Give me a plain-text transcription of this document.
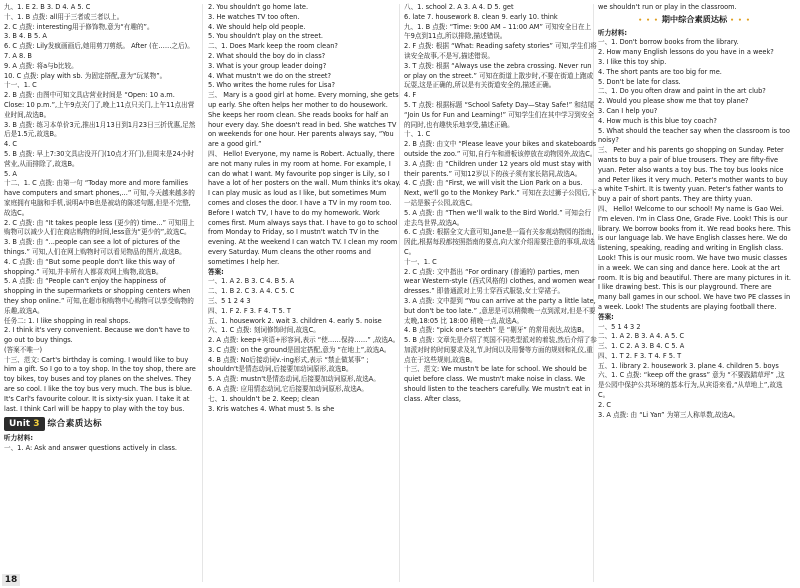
九、1. E 2. B 3. D 4. A 5. C

十、1. B 点拨: all用于三者或三者以上。

2. C 点拨: interesting用于修饰物,意为“有趣的”。

3. B 4. B 5. A

6. C 点拨: Lily发疯画画后,她用剪刀剪纸。 After (在……之后)。

7. A 8. B

9. A 点拨: 将a与b比较。

10. C 点拨: play with sb. 为固定搭配,意为“玩某物”。

十一、1. C

2. B 点拨: 由图中可知文具店营业时间是 “Open: 10 a.m. Close: 10 p.m.”,上午9点关门了,晚上11点只关门,上午11点出营业时间,故选B。

3. B 点拨: 练习本单价3元,推出1月13日到1月23日三折优惠,足然后是1.5元,故选B。

4. C

5. B 点拨: 早上7:30文具店没开门(10点才开门),但周末是24小时营业,从而排除了,故选B。

5. A

十二、1. C 点拨: 由第一句 “Today more and more families have computers and smart phones,...” 可知,今天越来越多的家庭拥有电脑和手机,说明A中B也是被动的陈述句题,但是不完整,故选C。

2. C 点拨: 由 “It takes people less (更少的) time...” 可知用上购物可以减少人们在商店购物的时间,less意为“更少的”,故选C。

3. B 点拨: 由 “...people can see a lot of pictures of the things.” 可知,人们在网上购物时可以看见物品的图片,故选B。

4. C 点拨: 由 “But some people don't like this way of shopping.” 可知,并非所有人都喜欢网上购物,故选B。

5. A 点拨: 由 “People can't enjoy the happiness of shopping in the supermarkets or shopping centers when they shop online.” 可知,在超市和购物中心购物可以享受购物的乐趣,故选A。

任务二: 1. I like shopping in real shops.

2. I think it's very convenient. Because we don't have to go out to buy things.

(答案不唯一)

十三、范文: Cart's birthday is coming. I would like to buy him a gift. So I go to a toy shop. In the toy shop, there are toy bikes, toy buses and toy planes on the shelves. They are so cool. I like the toy bus very much. The bus is blue. It's Carl's favourite colour. It is sixty-six yuan. I take it at last. I think Carl will be happy to play with the toy bus.

Unit 3 综合素质达标

听力材料:

一、1. A: Ask and answer questions actively in class.

2. You shouldn't go home late.

3. He watches TV too often.

4. We should help old people.

5. You shouldn't play on the street.

二、1. Does Mark keep the room clean?

2. What should the boy do in class?

3. What is your group leader doing?

4. What mustn't we do on the street?

5. Who writes the home rules for Lisa?

三、 Mary is a good girl at home. Every morning, she gets up early. She often helps her mother to do housework. She keeps her room clean. She reads books for half an hour every day. She doesn't read in bed. She watches TV on weekends for one hour. Her parents always say, “You are a good girl.”

四、 Hello! Everyone, my name is Robert. Actually, there are not many rules in my room at home. For example, I can do what I want. My favourite pop singer is Lily, so I have a lot of her posters on the wall. Mum thinks it's okay. I can play music as loud as I like, but sometimes Mum comes and closes the door. I have a TV in my room too. Before I watch TV, I have to do my homework. Work comes first. Mum always says that. I have to go to school from Monday to Friday, so I mustn't watch TV in the evening. At the weekend I can watch TV. I clean my room every Saturday. Mum cleans the other rooms and sometimes I help her.

答案:

一、1. A 2. B 3. C 4. B 5. A

二、1. B 2. C 3. A 4. C 5. C

三、5 1 2 4 3

四、1. F 2. F 3. F 4. T 5. T

五、1. housework 2. wait 3. children 4. early 5. noise

六、1. C 点拨: 刻词修饰时间,故选C。

2. A 点拨: keep+宾语+形容词,表示 “使……保持……” ,故选A。

3. C 点拨: on the ground是固定搭配,意为 “在地上”,故选A。

4. B 点拨: No后接动词v.-ing形式,表示 “禁止做某事” ; shouldn't是情态动词,后接要加动词原形,故选B。

5. A 点拨: mustn't是情态动词,后接要加动词原形,故选A。

6. A 点拨: 应用情态动词,它后接要加动词原形,故选A。

七、1. shouldn't be 2. Keep; clean

3. Kris watches 4. What must 5. Is she

八、1. school 2. A 3. A 4. D 5. get

6. late 7. housework 8. clean 9. early 10. think

九、1. B 点拨: “Time: 9:00 AM – 11:00 AM” 可知安全日在上午9点到11点,所以排除,描述错误。

2. F 点拨: 根据 “What: Reading safety stories” 可知,学生们将读安全故事,不是写,描述错误。

3. T 点拨: 根据 “Always use the zebra crossing. Never run or play on the street.” 可知在街道上散步时,不要在街道上跑或玩耍,这是正确的,所以是有关街道安全的,描述正确。

4. F

5. T 点拨: 根据标题 “School Safety Day—Stay Safe!” 和结尾 “Join Us for Fun and Learning!” 可知学生们在其中学习到安全的同时,也有趣快乐地享受,描述正确。

十、1. C

2. B 点拨: 由文中 “Please leave your bikes and skateboards outside the zoo.” 可知,自行车和滑板该停放在动物园外,故选C。

3. A 点拨: 由 “Children under 12 years old must stay with their parents.” 可知12岁以下的孩子须有家长陪同,故选A。

4. C 点拨: 由 “First, we will visit the Lion Park on a bus. Next, we'll go to the Monkey Park.” 可知在去过狮子公园后,下一站是猴子公园,故选C。

5. A 点拨: 由 “Then we'll walk to the Bird World.” 可知会行走去鸟世界,故选A。

6. C 点拨: 根据全文大意可知,Jane是一篇有关参观动物园的指南,因此,根据每段都按照指南的要点,向大家介绍需要注意的事项,故选C。

十一、1. C

2. C 点拨: 文中指出 “For ordinary (普通的) parties, men wear Western-style (西式风格的) clothes, and women wear dresses.” 即普通派对上男士穿西式服装,女士穿裙子。

3. A 点拨: 文中提到 “You can arrive at the party a little late, but don't be too late.” ,意思是可以稍微晚一点到派对,但是不要太晚,18:05 比 18:00 稍晚一点,故选A。

4. B 点拨: “pick one's teeth” 是 “剔牙” 的常用表达,故选B。

5. B 点拨: 文章先是介绍了英国不同类型派对的着装,然后介绍了参加派对时的时间要求及礼节,时间以及用餐等方面的规则和礼仪,重点在于这些规则,故选B。

十三、范文: We mustn't be late for school. We should be quiet before class. We mustn't make noise in class. We should listen to the teachers carefully. We mustn't eat in class. After class,

we shouldn't run or play in the classroom.

• • • 期中综合素质达标 • • •

听力材料:

一、1. Don't borrow books from the library.

2. How many English lessons do you have in a week?

3. I like this toy ship.

4. The short pants are too big for me.

5. Don't be late for class.

二、1. Do you often draw and paint in the art club?

2. Would you please show me that toy plane?

3. Can I help you?

4. How much is this blue toy coach?

5. What should the teacher say when the classroom is too noisy?

三、 Peter and his parents go shopping on Sunday. Peter wants to buy a pair of blue trousers. They are fifty-five yuan. Peter also wants a toy bus. The toy bus looks nice and Peter likes it very much. Peter's mother wants to buy a white T-shirt. It is twenty yuan. Peter's father wants to buy a pair of short pants. They are thirty yuan.

四、 Hello! Welcome to our school! My name is Gao Wei. I'm eleven. I'm in Class One, Grade Five. Look! This is our library. We borrow books from it. We read books here. This is our language lab. We have English classes here. We do listening, speaking, reading and writing in English class. Look! This is our music room. We have two music classes in a week. We can sing and dance here. Look at the art room. It is big and beautiful. There are many pictures in it. I like drawing best. This is our playground. There are many ball games in our school. We have two PE classes in a week. Look! The students are playing football there.

答案:

一、5 1 4 3 2

二、1. A 2. B 3. A 4. A 5. C

三、1. C 2. A 3. B 4. C 5. A

四、1. T 2. F 3. T 4. F 5. T

五、1. library 2. housework 3. plane 4. children 5. boys

六、1. C 点拨: “keep off the grass” 意为 “不要践踏草坪” ,这是公园中保护公共环境的基本行为,从宾语来看,“从草地上”,故选C。

2. C

3. A 点拨: 由 “Li Yan” 为第三人称单数,故选A。

18
